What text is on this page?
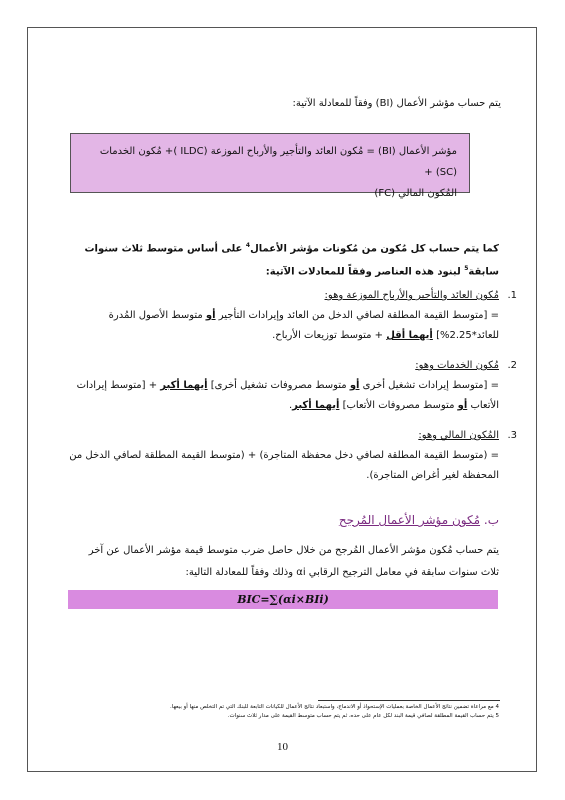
يتم حساب مؤشر الأعمال (BI) وفقاً للمعادلة الآتية:
مؤشر الأعمال (BI) = مُكون العائد والتأجير والأرباح الموزعة (ILDC )+ مُكون الخدمات (SC) +
المُكون المالي (FC)
كما يتم حساب كل مُكون من مُكونات مؤشر الأعمال$^4$ على أساس متوسط ثلاث سنوات سابقة$^5$ لبنود هذه العناصر وفقاً للمعادلات الآتية:
1.
مُكون العائد والتأجير والأرباح الموزعة وهو:
= [متوسط القيمة المطلقة لصافي الدخل من العائد وإيرادات التأجير أو متوسط الأصول المُدرة للعائد*2.25%] أيهما أقل + متوسط توزيعات الأرباح.
2.
مُكون الخدمات وهو:
= [متوسط إيرادات تشغيل أخرى أو متوسط مصروفات تشغيل أخرى] أيهما أكبر + [متوسط إيرادات الأتعاب أو متوسط مصروفات الأتعاب] أيهما أكبر.
3.
المُكون المالي وهو:
= (متوسط القيمة المطلقة لصافي دخل محفظة المتاجرة) + (متوسط القيمة المطلقة لصافي الدخل من المحفظة لغير أغراض المتاجرة).
ب. مُكون مؤشر الأعمال المُرجح
يتم حساب مُكون مؤشر الأعمال المُرجح من خلال حاصل ضرب متوسط قيمة مؤشر الأعمال عن آخر ثلاث سنوات سابقة في معامل الترجيح الرقابي αi وذلك وفقاً للمعادلة التالية:
BIC=∑(αi×BIi)
4 مع مراعاة تضمين نتائج الأعمال الخاصة بعمليات الإستحواذ أو الاندماج، واستبعاد نتائج الأعمال للكيانات التابعة للبنك التي تم التخلص منها أو بيعها.
5 يتم حساب القيمة المطلقة لصافي قيمة البند لكل عام على حده، ثم يتم حساب متوسط القيمة على مدار ثلاث سنوات.
10
